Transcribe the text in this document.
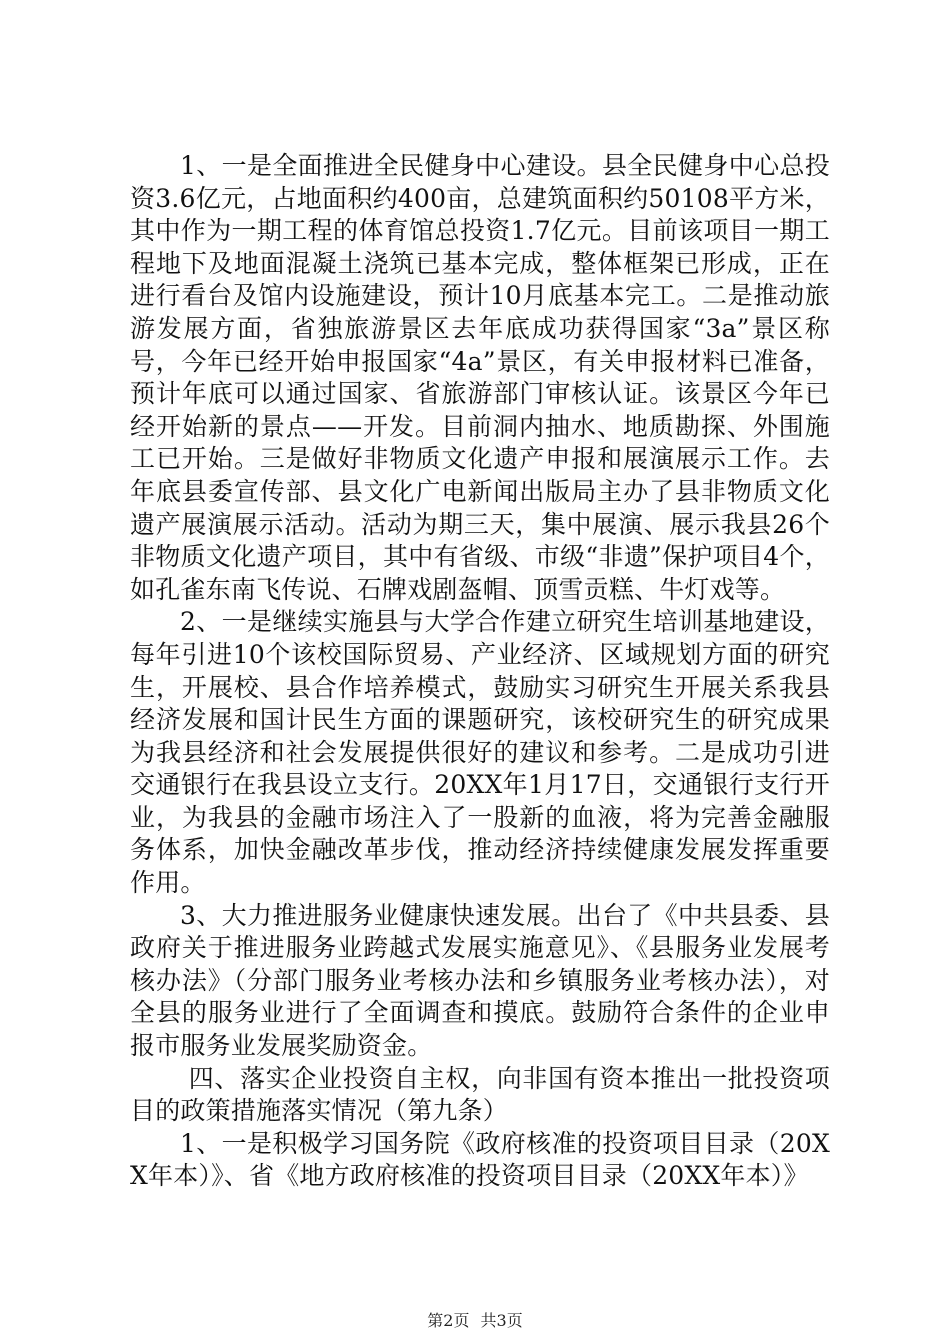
1、一是全面推进全民健身中心建设。县全民健身中心总投资3.6亿元，占地面积约400亩，总建筑面积约50108平方米，其中作为一期工程的体育馆总投资1.7亿元。目前该项目一期工程地下及地面混凝土浇筑已基本完成，整体框架已形成，正在进行看台及馆内设施建设，预计10月底基本完工。二是推动旅游发展方面，省独旅游景区去年底成功获得国家“3a”景区称号，今年已经开始申报国家“4a”景区，有关申报材料已准备，预计年底可以通过国家、省旅游部门审核认证。该景区今年已经开始新的景点——开发。目前洞内抽水、地质勘探、外围施工已开始。三是做好非物质文化遗产申报和展演展示工作。去年底县委宣传部、县文化广电新闻出版局主办了县非物质文化遗产展演展示活动。活动为期三天，集中展演、展示我县26个非物质文化遗产项目，其中有省级、市级“非遗”保护项目4个，如孔雀东南飞传说、石牌戏剧盔帽、顶雪贡糕、牛灯戏等。

2、一是继续实施县与大学合作建立研究生培训基地建设，每年引进10个该校国际贸易、产业经济、区域规划方面的研究生，开展校、县合作培养模式，鼓励实习研究生开展关系我县经济发展和国计民生方面的课题研究，该校研究生的研究成果为我县经济和社会发展提供很好的建议和参考。二是成功引进交通银行在我县设立支行。20XX年1月17日，交通银行支行开业，为我县的金融市场注入了一股新的血液，将为完善金融服务体系，加快金融改革步伐，推动经济持续健康发展发挥重要作用。

3、大力推进服务业健康快速发展。出台了《中共县委、县政府关于推进服务业跨越式发展实施意见》、《县服务业发展考核办法》（分部门服务业考核办法和乡镇服务业考核办法），对全县的服务业进行了全面调查和摸底。鼓励符合条件的企业申报市服务业发展奖励资金。

四、落实企业投资自主权，向非国有资本推出一批投资项目的政策措施落实情况（第九条）

1、一是积极学习国务院《政府核准的投资项目目录（20XX年本）》、省《地方政府核准的投资项目目录（20XX年本）》

第2页 共3页
